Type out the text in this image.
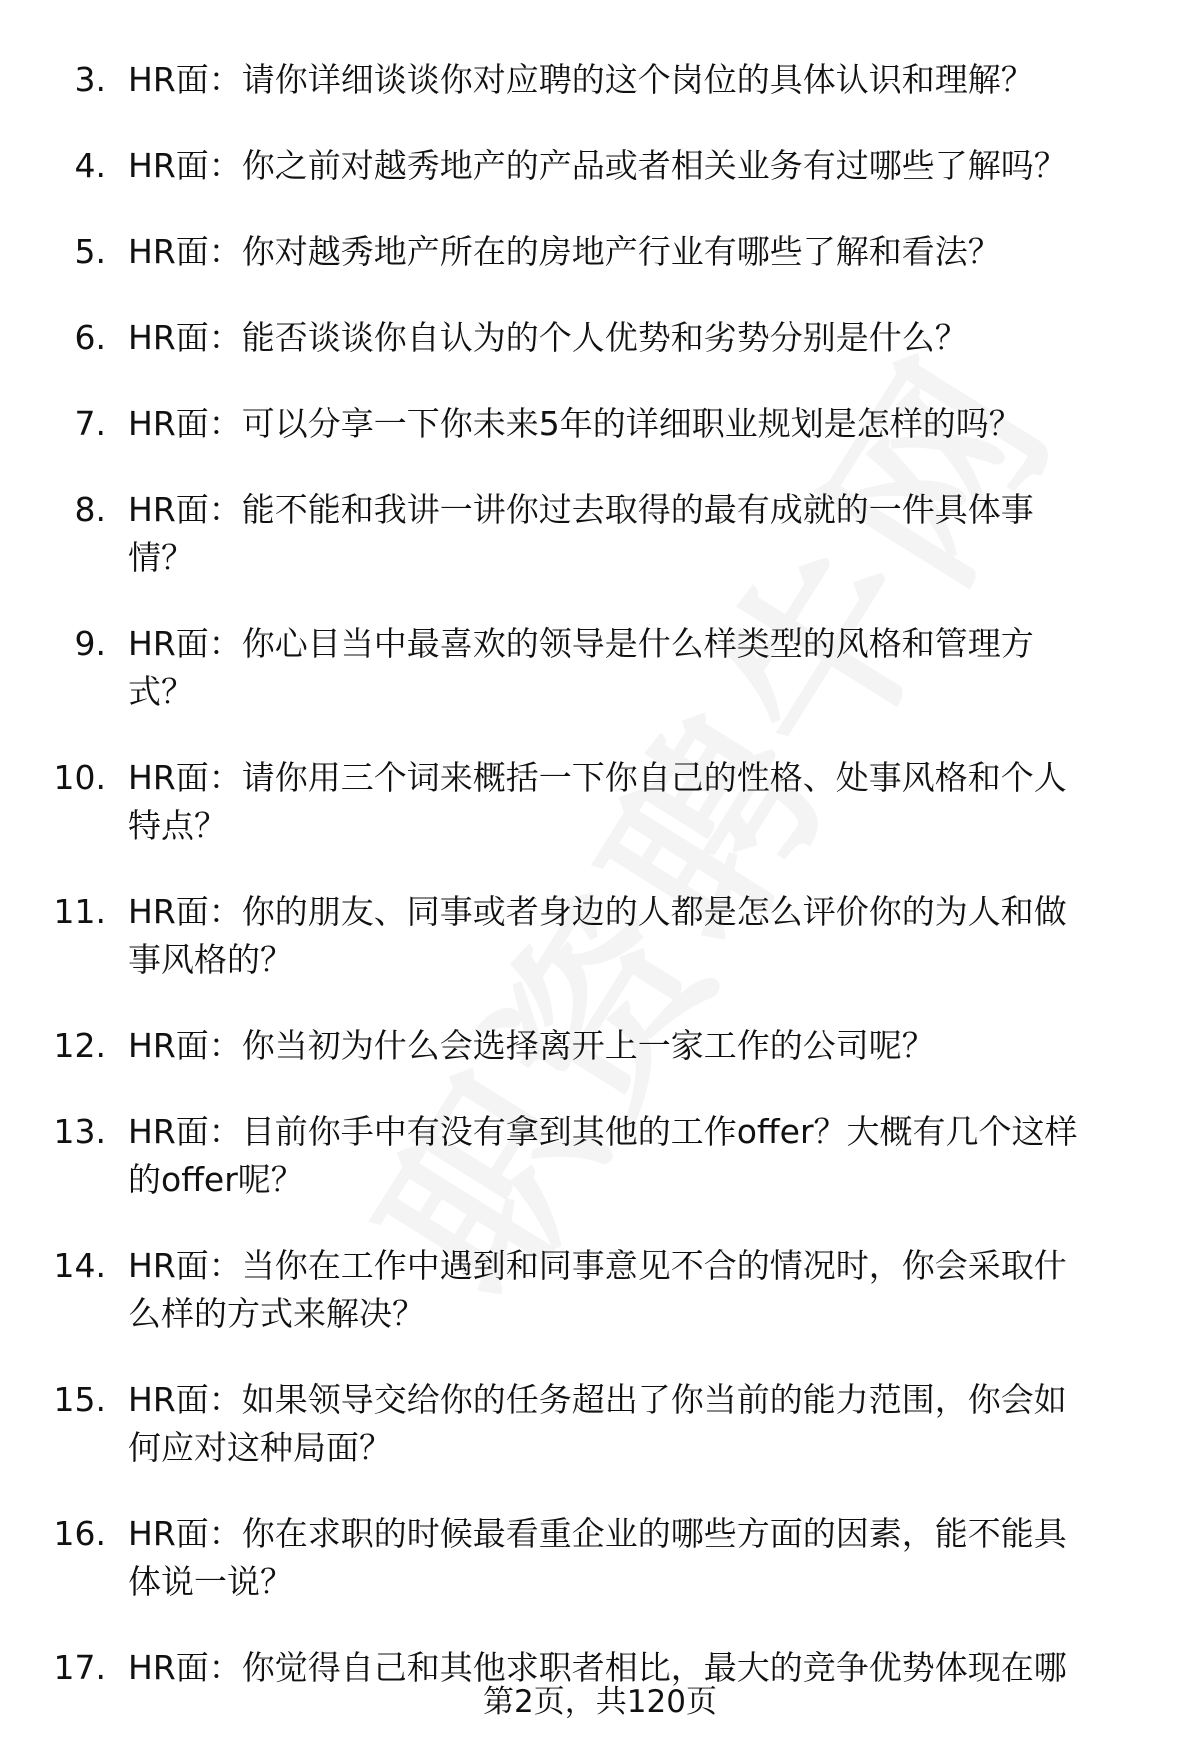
3. HR面：请你详细谈谈你对应聘的这个岗位的具体认识和理解？
4. HR面：你之前对越秀地产的产品或者相关业务有过哪些了解吗？
5. HR面：你对越秀地产所在的房地产行业有哪些了解和看法？
6. HR面：能否谈谈你自认为的个人优势和劣势分别是什么？
7. HR面：可以分享一下你未来5年的详细职业规划是怎样的吗？
8. HR面：能不能和我讲一讲你过去取得的最有成就的一件具体事情？
9. HR面：你心目当中最喜欢的领导是什么样类型的风格和管理方式？
10. HR面：请你用三个词来概括一下你自己的性格、处事风格和个人特点？
11. HR面：你的朋友、同事或者身边的人都是怎么评价你的为人和做事风格的？
12. HR面：你当初为什么会选择离开上一家工作的公司呢？
13. HR面：目前你手中有没有拿到其他的工作offer？大概有几个这样的offer呢？
14. HR面：当你在工作中遇到和同事意见不合的情况时，你会采取什么样的方式来解决？
15. HR面：如果领导交给你的任务超出了你当前的能力范围，你会如何应对这种局面？
16. HR面：你在求职的时候最看重企业的哪些方面的因素，能不能具体说一说？
17. HR面：你觉得自己和其他求职者相比，最大的竞争优势体现在哪
第2页，共120页
